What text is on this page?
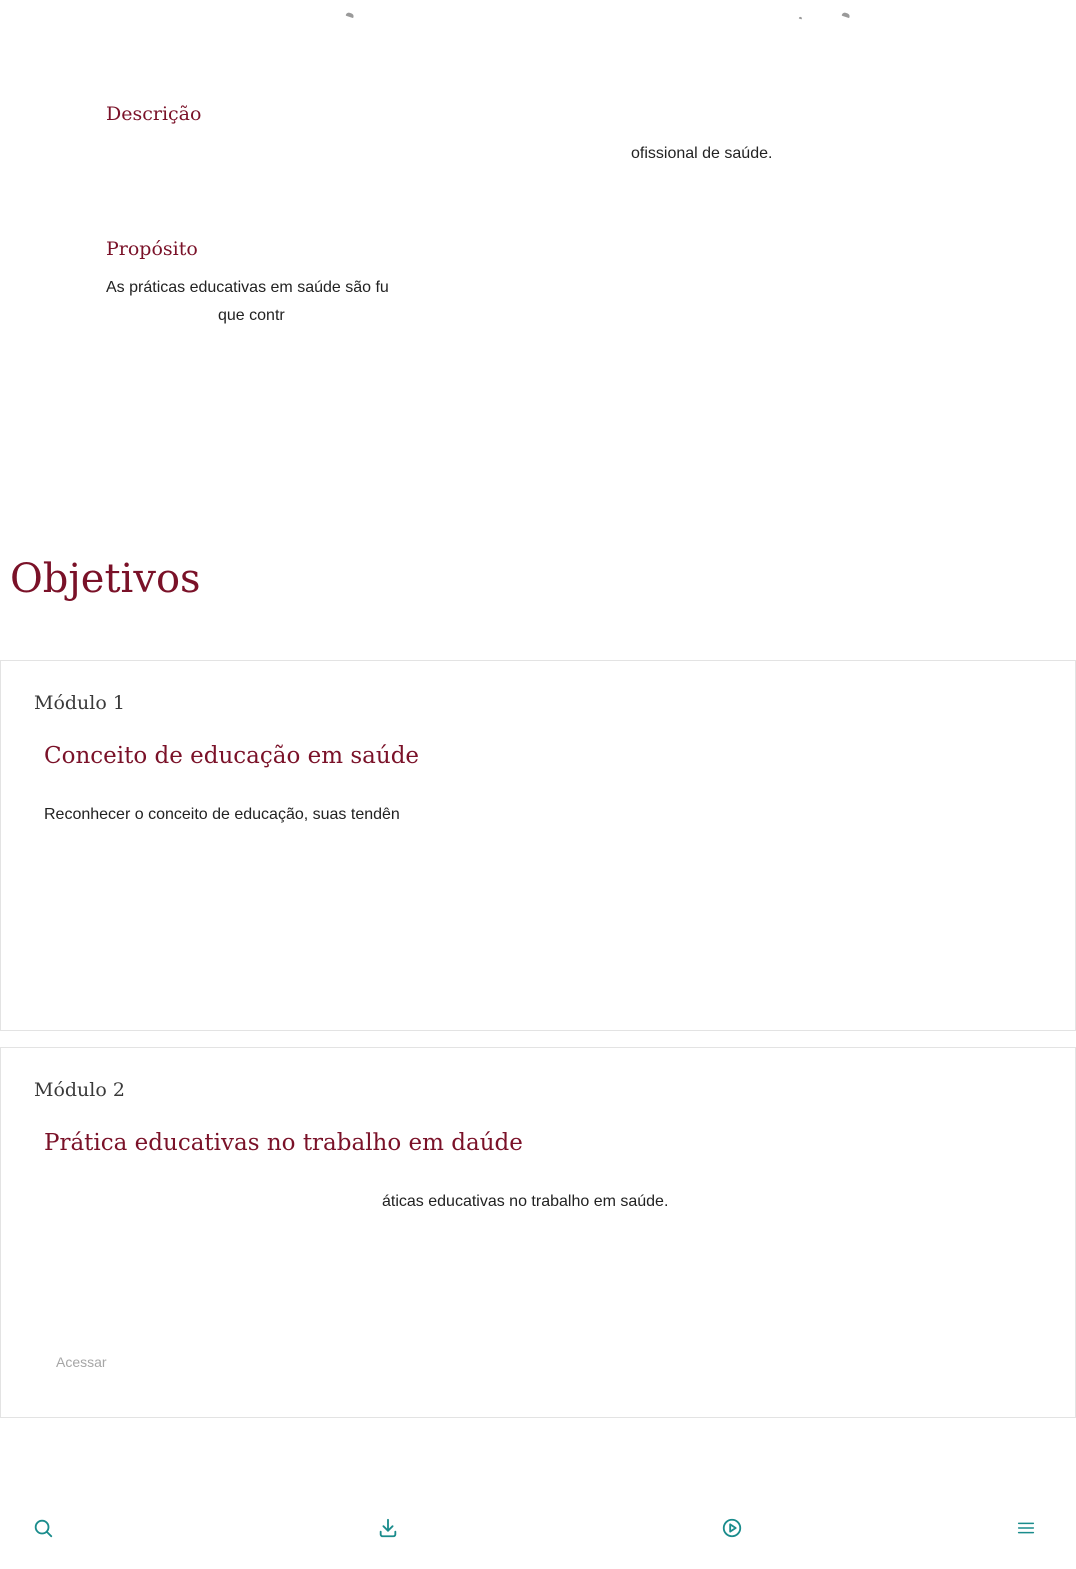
Descrição

ofissional de saúde.

Propósito

As práticas educativas em saúde são fu

que contr

Objetivos
Módulo 1
Conceito de educação em saúde

Reconhecer o conceito de educação, suas tendên

Módulo 2
Prática educativas no trabalho em daúde

áticas educativas no trabalho em saúde.

Acessar
